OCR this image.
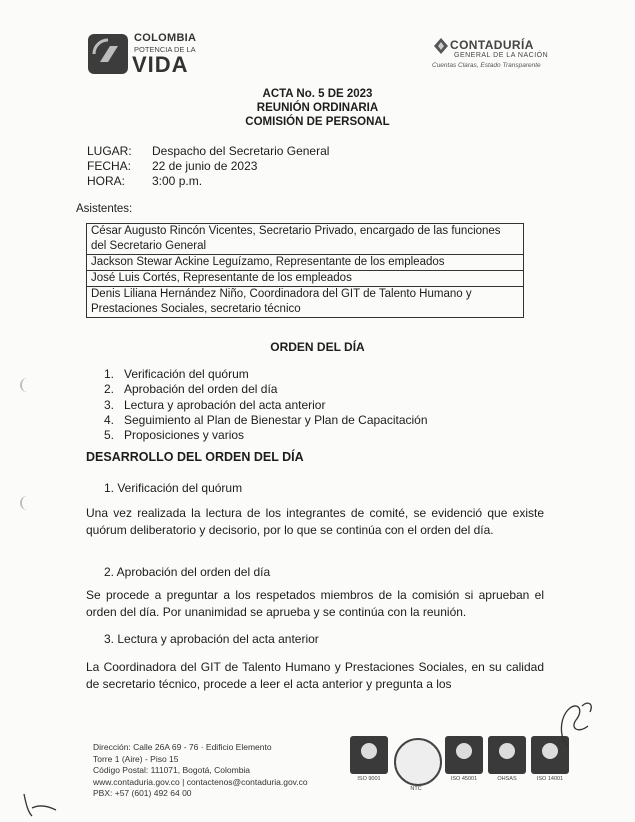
COLOMBIA
POTENCIA DE LA
VIDA
CONTADURÍA
GENERAL DE LA NACIÓN
Cuentas Claras, Estado Transparente
ACTA No. 5 DE 2023
REUNIÓN ORDINARIA
COMISIÓN DE PERSONAL
LUGAR: Despacho del Secretario General
FECHA: 22 de junio de 2023
HORA: 3:00 p.m.
Asistentes:
César Augusto Rincón Vicentes, Secretario Privado, encargado de las funciones del Secretario General
Jackson Stewar Ackine Leguízamo, Representante de los empleados
José Luis Cortés, Representante de los empleados
Denis Liliana Hernández Niño, Coordinadora del GIT de Talento Humano y Prestaciones Sociales, secretario técnico
ORDEN DEL DÍA
1. Verificación del quórum
2. Aprobación del orden del día
3. Lectura y aprobación del acta anterior
4. Seguimiento al Plan de Bienestar y Plan de Capacitación
5. Proposiciones y varios
DESARROLLO DEL ORDEN DEL DÍA
1. Verificación del quórum
Una vez realizada la lectura de los integrantes de comité, se evidenció que existe quórum deliberatorio y decisorio, por lo que se continúa con el orden del día.
2. Aprobación del orden del día
Se procede a preguntar a los respetados miembros de la comisión si aprueban el orden del día. Por unanimidad se aprueba y se continúa con la reunión.
3. Lectura y aprobación del acta anterior
La Coordinadora del GIT de Talento Humano y Prestaciones Sociales, en su calidad de secretario técnico, procede a leer el acta anterior y pregunta a los
Dirección: Calle 26A 69 - 76 · Edificio Elemento
Torre 1 (Aire) - Piso 15
Código Postal: 111071, Bogotá, Colombia
www.contaduria.gov.co | contactenos@contaduria.gov.co
PBX: +57 (601) 492 64 00
ISO 9001
NTC
ISO 45001	OHSAS	ISO 14001
